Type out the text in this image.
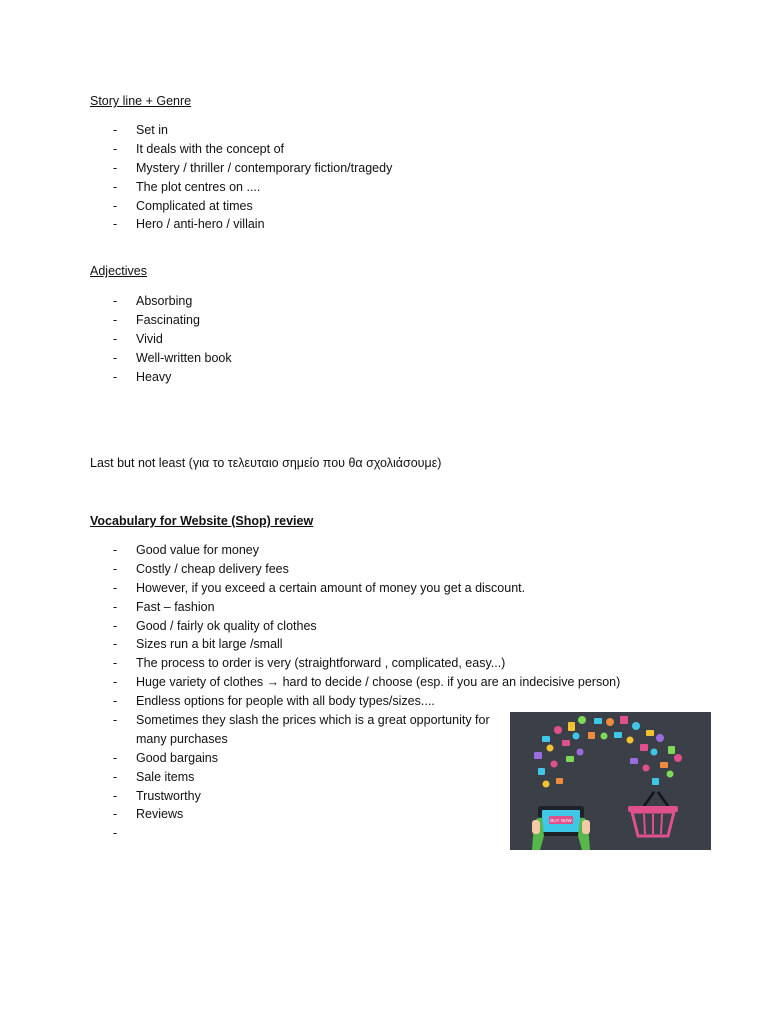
Story line + Genre
- Set in
- It deals with the concept of
- Mystery / thriller / contemporary fiction/tragedy
- The plot centres on ....
- Complicated at times
- Hero / anti-hero / villain
Adjectives
- Absorbing
- Fascinating
- Vivid
- Well-written book
- Heavy
Last but not least (για το τελευταιο σημείο που θα σχολιάσουμε)
Vocabulary for Website (Shop) review
- Good value for money
- Costly / cheap delivery fees
- However, if you exceed a certain amount of money you get a discount.
- Fast – fashion
- Good / fairly ok quality of clothes
- Sizes run a bit large /small
- The process to order is very (straightforward , complicated, easy...)
- Huge variety of clothes → hard to decide / choose (esp. if you are an indecisive person)
- Endless options for people with all body types/sizes....
- Sometimes they slash the prices which is a great opportunity for many purchases
- Good bargains
- Sale items
- Trustworthy
- Reviews
-
BUY NOW
